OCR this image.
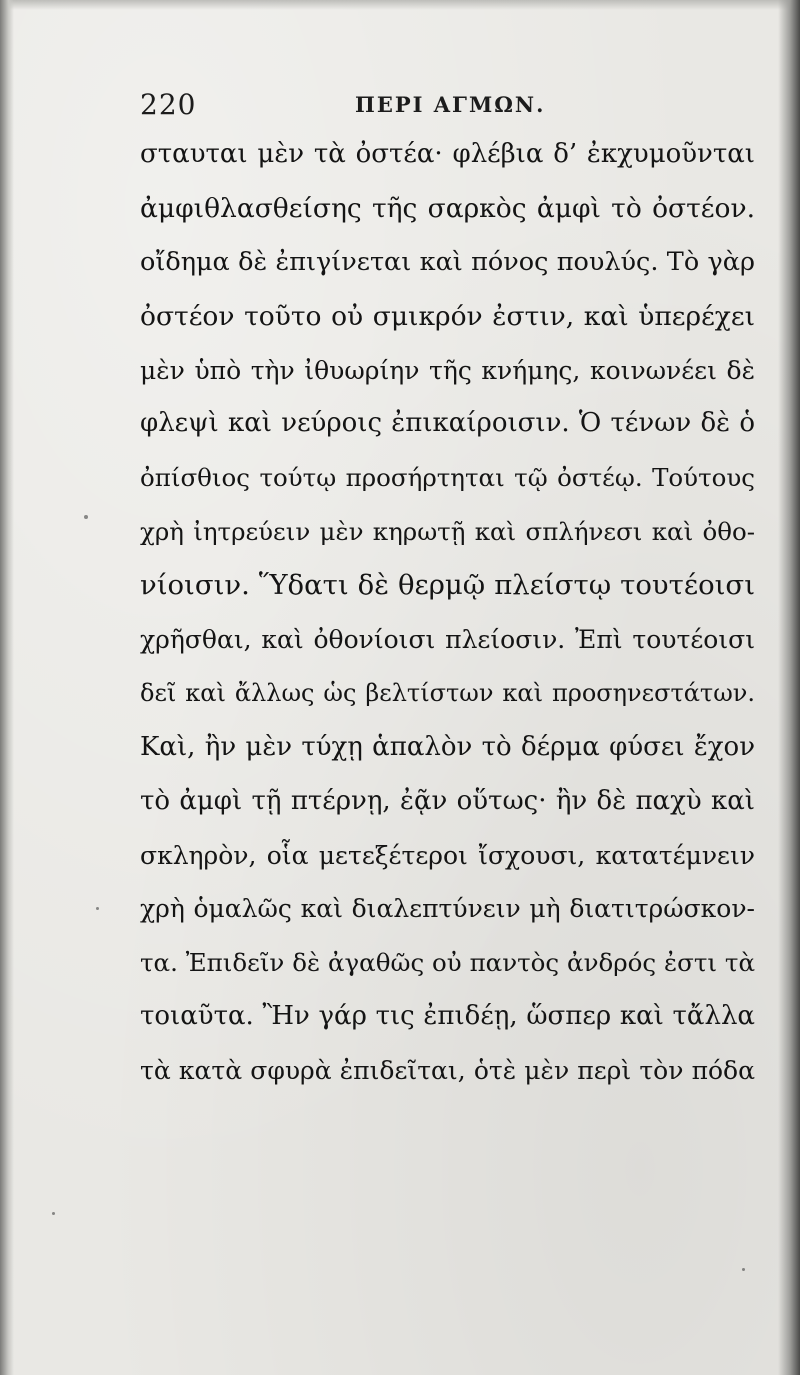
220	ΠΕΡΙ ΑΓΜΩΝ.
σταυται μὲν τὰ ὀστέα· φλέβια δ’ ἐκχυμοῦνται
ἀμφιθλασθείσης τῆς σαρκὸς ἀμφὶ τὸ ὀστέον.
οἴδημα δὲ ἐπιγίνεται καὶ πόνος πουλύς. Τὸ γὰρ
ὀστέον τοῦτο οὐ σμικρόν ἐστιν, καὶ ὑπερέχει
μὲν ὑπὸ τὴν ἰθυωρίην τῆς κνήμης, κοινωνέει δὲ
φλεψὶ καὶ νεύροις ἐπικαίροισιν. Ὁ τένων δὲ ὁ
ὀπίσθιος τούτῳ προσήρτηται τῷ ὀστέῳ. Τούτους
χρὴ ἰητρεύειν μὲν κηρωτῇ καὶ σπλήνεσι καὶ ὀθο-
νίοισιν. Ὕδατι δὲ θερμῷ πλείστῳ τουτέοισι
χρῆσθαι, καὶ ὀθονίοισι πλείοσιν. Ἐπὶ τουτέοισι
δεῖ καὶ ἄλλως ὡς βελτίστων καὶ προσηνεστάτων.
Καὶ, ἢν μὲν τύχῃ ἁπαλὸν τὸ δέρμα φύσει ἔχον
τὸ ἀμφὶ τῇ πτέρνῃ, ἐᾷν οὕτως· ἢν δὲ παχὺ καὶ
σκληρὸν, οἷα μετεξέτεροι ἴσχουσι, κατατέμνειν
χρὴ ὁμαλῶς καὶ διαλεπτύνειν μὴ διατιτρώσκον-
τα. Ἐπιδεῖν δὲ ἀγαθῶς οὐ παντὸς ἀνδρός ἐστι τὰ
τοιαῦτα. Ἢν γάρ τις ἐπιδέῃ, ὥσπερ καὶ τἄλλα
τὰ κατὰ σφυρὰ ἐπιδεῖται, ὁτὲ μὲν περὶ τὸν πόδα
